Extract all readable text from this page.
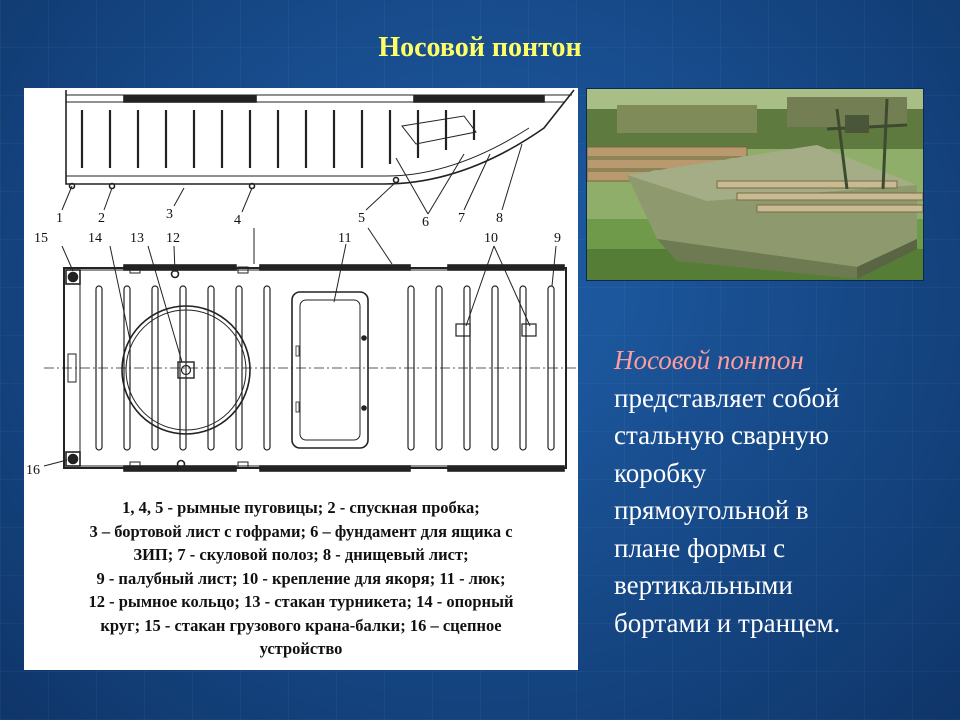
Носовой понтон
1	2	3	4	5	6 7 8
15	14 13 12	11	10	9
16
1, 4, 5 - рымные пуговицы; 2 - спускная пробка;
3 – бортовой лист с гофрами; 6 – фундамент для ящика с
ЗИП; 7 - скуловой полоз; 8 - днищевый лист;
9 - палубный лист; 10 - крепление для якоря; 11 - люк;
12 - рымное кольцо; 13 - стакан турникета; 14 - опорный
круг; 15 - стакан грузового крана-балки; 16 – сцепное
устройство
Носовой понтон
представляет собой
стальную сварную
коробку
прямоугольной в
плане формы с
вертикальными
бортами и транцем.
